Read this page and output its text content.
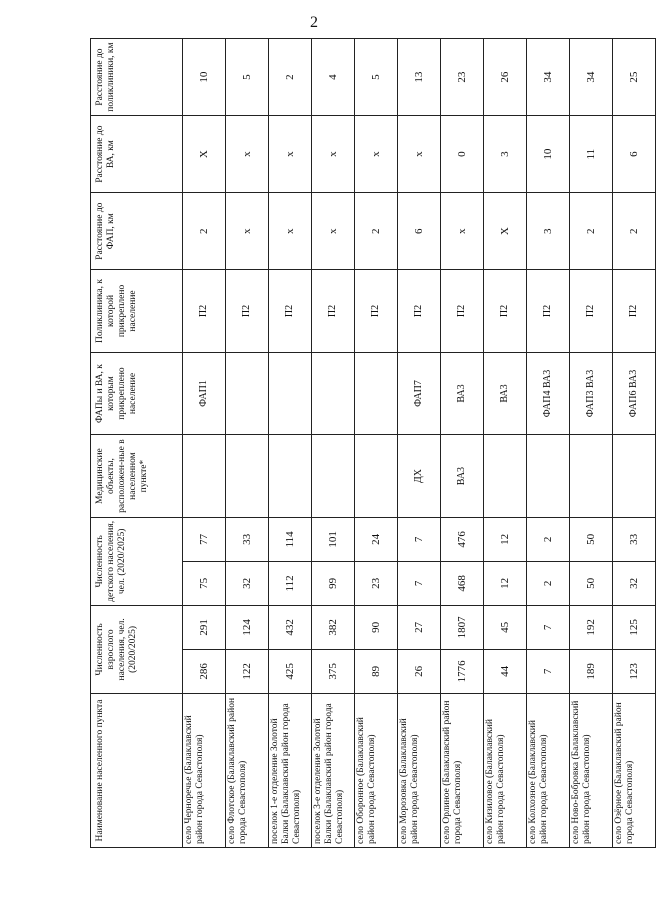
2
Наименование населенного пункта	Численность взрослого населения, чел. (2020/2025)		Численность детского населения, чел. (2020/2025)		Медицинские объекты, расположен-ные в населенном пункте*	ФАПы и ВА, к которым прикреплено население	Поликлиника, к которой прикреплено население	Расстояние до ФАП, км	Расстояние до ВА, км	Расстояние до поликлиники, км
село Черноречье (Балаклавский район города Севастополя)	286	291	75	77		ФАП1	П2	2	Х	10
село Флотское (Балаклавский район города Севастополя)	122	124	32	33			П2	х	х	5
поселок 1-е отделение Золотой Балки (Балаклавский район города Севастополя)	425	432	112	114			П2	х	х	2
поселок 3-е отделение Золотой Балки (Балаклавский район города Севастополя)	375	382	99	101			П2	х	х	4
село Оборонное (Балаклавский район города Севастополя)	89	90	23	24			П2	2	х	5
село Морозовка (Балаклавский район города Севастополя)	26	27	7	7	ДХ	ФАП7	П2	6	х	13
село Орлиное (Балаклавский район города Севастополя)	1776	1807	468	476	ВА3	ВА3	П2	х	0	23
село Кизиловое (Балаклавский район города Севастополя)	44	45	12	12		ВА3	П2	Х	3	26
село Колхозное (Балаклавский район города Севастополя)	7	7	2	2		ФАП4 ВА3	П2	3	10	34
село Ново-Бобровка (Балаклавский район города Севастополя)	189	192	50	50		ФАП3 ВА3	П2	2	11	34
село Озёрное (Балаклавский район города Севастополя)	123	125	32	33		ФАП6 ВА3	П2	2	6	25
